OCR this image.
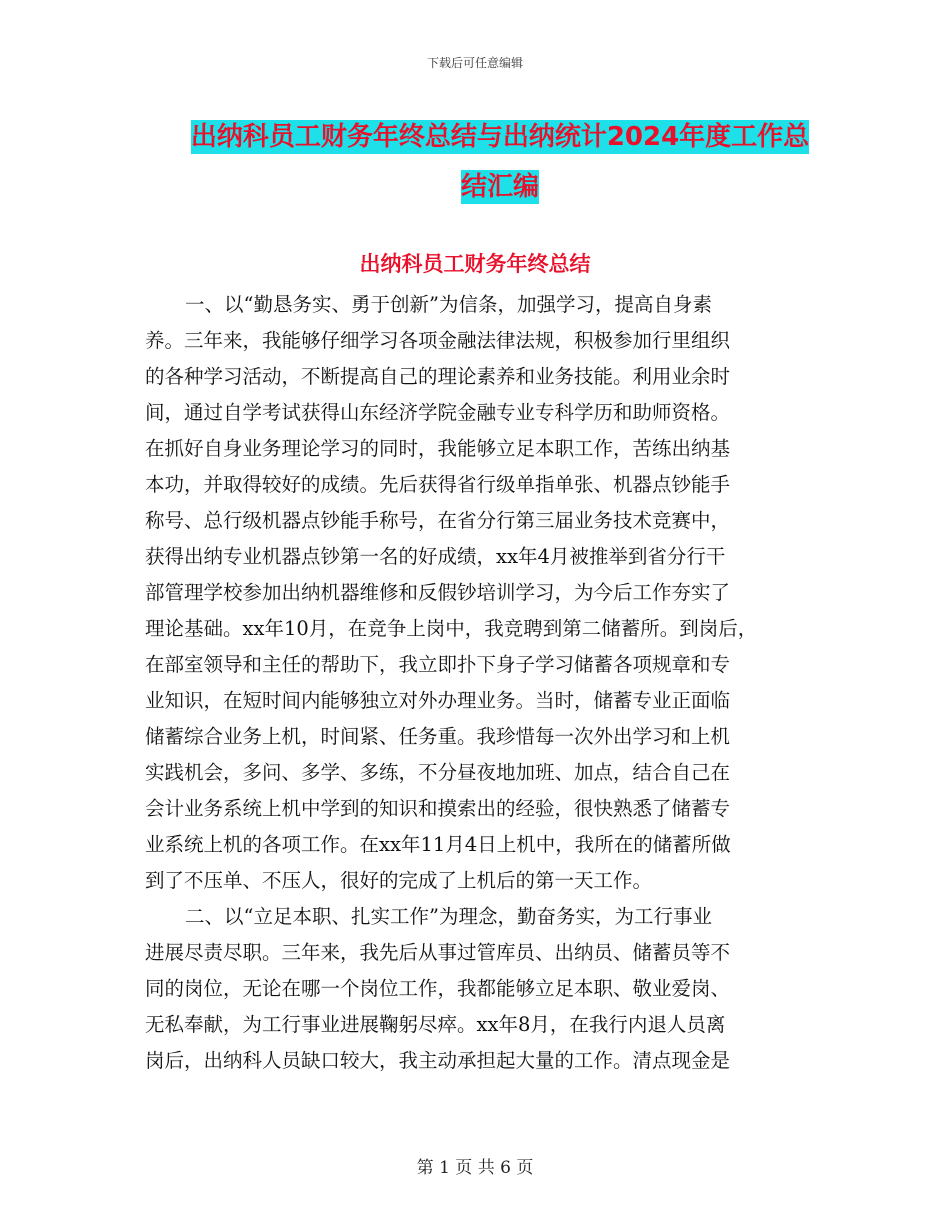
下载后可任意编辑
出纳科员工财务年终总结与出纳统计2024年度工作总
结汇编
出纳科员工财务年终总结

一、以“勤恳务实、勇于创新”为信条，加强学习，提高自身素
养。三年来，我能够仔细学习各项金融法律法规，积极参加行里组织
的各种学习活动，不断提高自己的理论素养和业务技能。利用业余时
间，通过自学考试获得山东经济学院金融专业专科学历和助师资格。
在抓好自身业务理论学习的同时，我能够立足本职工作，苦练出纳基
本功，并取得较好的成绩。先后获得省行级单指单张、机器点钞能手
称号、总行级机器点钞能手称号，在省分行第三届业务技术竞赛中，
获得出纳专业机器点钞第一名的好成绩，xx年4月被推举到省分行干
部管理学校参加出纳机器维修和反假钞培训学习，为今后工作夯实了
理论基础。xx年10月，在竞争上岗中，我竞聘到第二储蓄所。到岗后，
在部室领导和主任的帮助下，我立即扑下身子学习储蓄各项规章和专
业知识，在短时间内能够独立对外办理业务。当时，储蓄专业正面临
储蓄综合业务上机，时间紧、任务重。我珍惜每一次外出学习和上机
实践机会，多问、多学、多练，不分昼夜地加班、加点，结合自己在
会计业务系统上机中学到的知识和摸索出的经验，很快熟悉了储蓄专
业系统上机的各项工作。在xx年11月4日上机中，我所在的储蓄所做
到了不压单、不压人，很好的完成了上机后的第一天工作。

二、以“立足本职、扎实工作”为理念，勤奋务实，为工行事业
进展尽责尽职。三年来，我先后从事过管库员、出纳员、储蓄员等不
同的岗位，无论在哪一个岗位工作，我都能够立足本职、敬业爱岗、
无私奉献，为工行事业进展鞠躬尽瘁。xx年8月，在我行内退人员离
岗后，出纳科人员缺口较大，我主动承担起大量的工作。清点现金是

第 1 页 共 6 页
